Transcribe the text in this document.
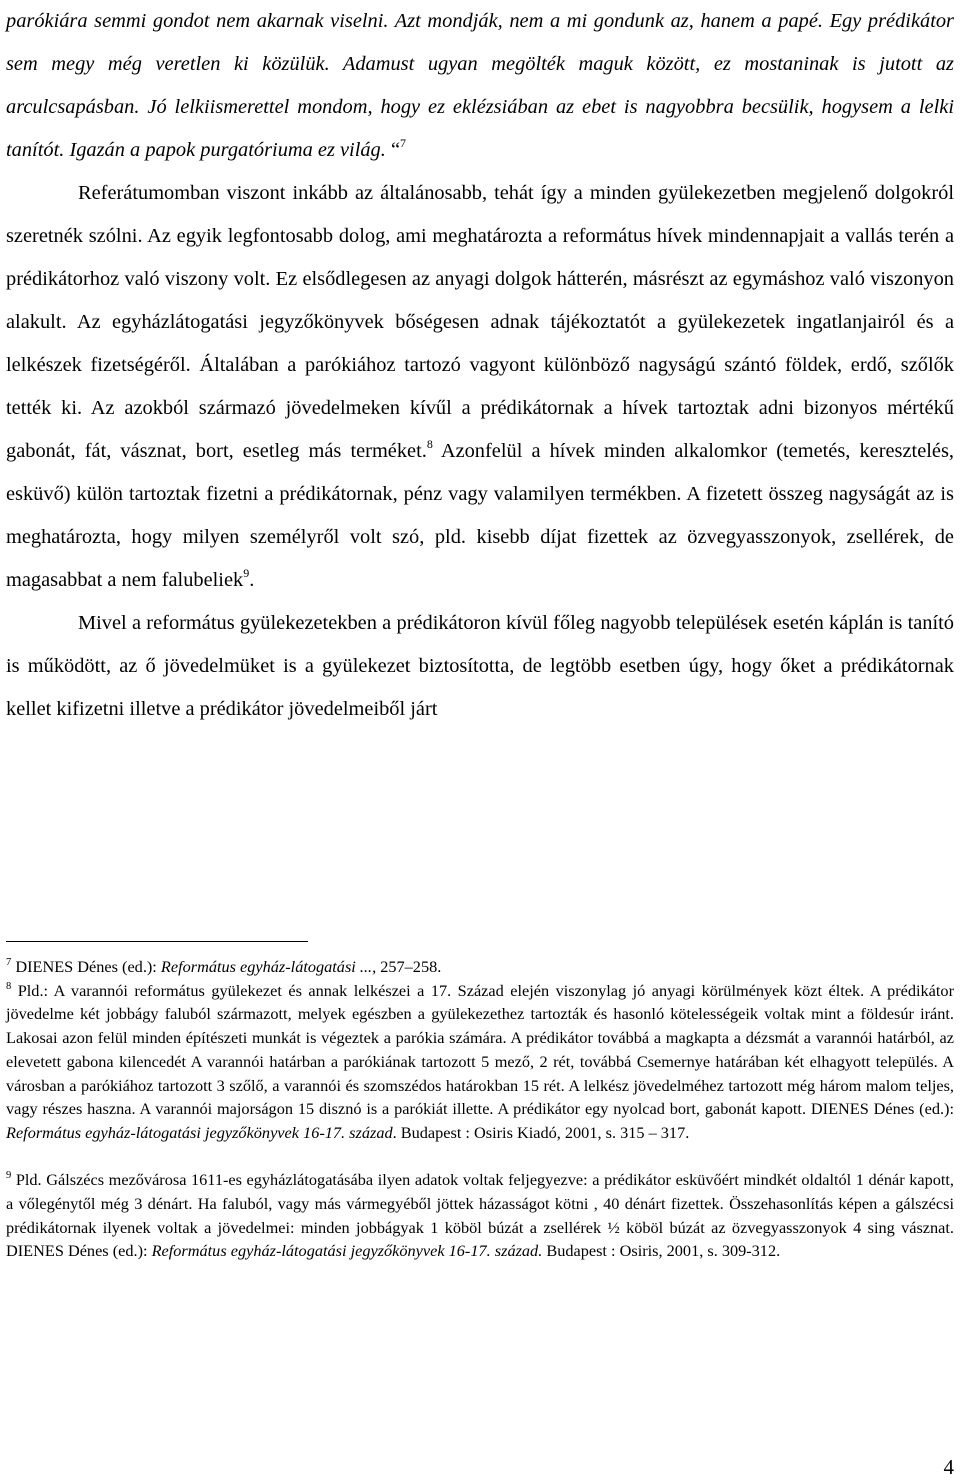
parókiára semmi gondot nem akarnak viselni. Azt mondják, nem a mi gondunk az, hanem a papé. Egy prédikátor sem megy még veretlen ki közülük. Adamust ugyan megölték maguk között, ez mostaninak is jutott az arculcsapásban. Jó lelkiismerettel mondom, hogy ez eklézsiában az ebet is nagyobbra becsülik, hogysem a lelki tanítót. Igazán a papok purgatóriuma ez világ. “$^7$

Referátumomban viszont inkább az általánosabb, tehát így a minden gyülekezetben megjelenő dolgokról szeretnék szólni. Az egyik legfontosabb dolog, ami meghatározta a református hívek mindennapjait a vallás terén a prédikátorhoz való viszony volt. Ez elsődlegesen az anyagi dolgok hátterén, másrészt az egymáshoz való viszonyon alakult. Az egyházlátogatási jegyzőkönyvek bőségesen adnak tájékoztatót a gyülekezetek ingatlanjairól és a lelkészek fizetségéről. Általában a parókiához tartozó vagyont különböző nagyságú szántó földek, erdő, szőlők tették ki. Az azokból származó jövedelmeken kívűl a prédikátornak a hívek tartoztak adni bizonyos mértékű gabonát, fát, vásznat, bort, esetleg más terméket.$^8$ Azonfelül a hívek minden alkalomkor (temetés, keresztelés, esküvő) külön tartoztak fizetni a prédikátornak, pénz vagy valamilyen termékben. A fizetett összeg nagyságát az is meghatározta, hogy milyen személyről volt szó, pld. kisebb díjat fizettek az özvegyasszonyok, zsellérek, de magasabbat a nem falubeliek$^9$.

Mivel a református gyülekezetekben a prédikátoron kívül főleg nagyobb települések esetén káplán is tanító is működött, az ő jövedelmüket is a gyülekezet biztosította, de legtöbb esetben úgy, hogy őket a prédikátornak kellet kifizetni illetve a prédikátor jövedelmeiből járt

$^7$ DIENES Dénes (ed.): Református egyház-látogatási ..., 257–258.

$^8$ Pld.: A varannói református gyülekezet és annak lelkészei a 17. Század elején viszonylag jó anyagi körülmények közt éltek. A prédikátor jövedelme két jobbágy faluból származott, melyek egészben a gyülekezethez tartozták és hasonló kötelességeik voltak mint a földesúr iránt. Lakosai azon felül minden építészeti munkát is végeztek a parókia számára. A prédikátor továbbá a magkapta a dézsmát a varannói határból, az elevetett gabona kilencedét A varannói határban a parókiának tartozott 5 mező, 2 rét, továbbá Csemernye határában két elhagyott település. A városban a parókiához tartozott 3 szőlő, a varannói és szomszédos határokban 15 rét. A lelkész jövedelméhez tartozott még három malom teljes, vagy részes haszna. A varannói majorságon 15 disznó is a parókiát illette. A prédikátor egy nyolcad bort, gabonát kapott. DIENES Dénes (ed.): Református egyház-látogatási jegyzőkönyvek 16-17. század. Budapest : Osiris Kiadó, 2001, s. 315 – 317.

$^9$ Pld. Gálszécs mezővárosa 1611-es egyházlátogatásába ilyen adatok voltak feljegyezve: a prédikátor esküvőért mindkét oldaltól 1 dénár kapott, a vőlegénytől még 3 dénárt. Ha faluból, vagy más vármegyéből jöttek házasságot kötni , 40 dénárt fizettek. Összehasonlítás képen a gálszécsi prédikátornak ilyenek voltak a jövedelmei: minden jobbágyak 1 köböl búzát a zsellérek ½ köböl búzát az özvegyasszonyok 4 sing vásznat. DIENES Dénes (ed.): Református egyház-látogatási jegyzőkönyvek 16-17. század. Budapest : Osiris, 2001, s. 309-312.

4
